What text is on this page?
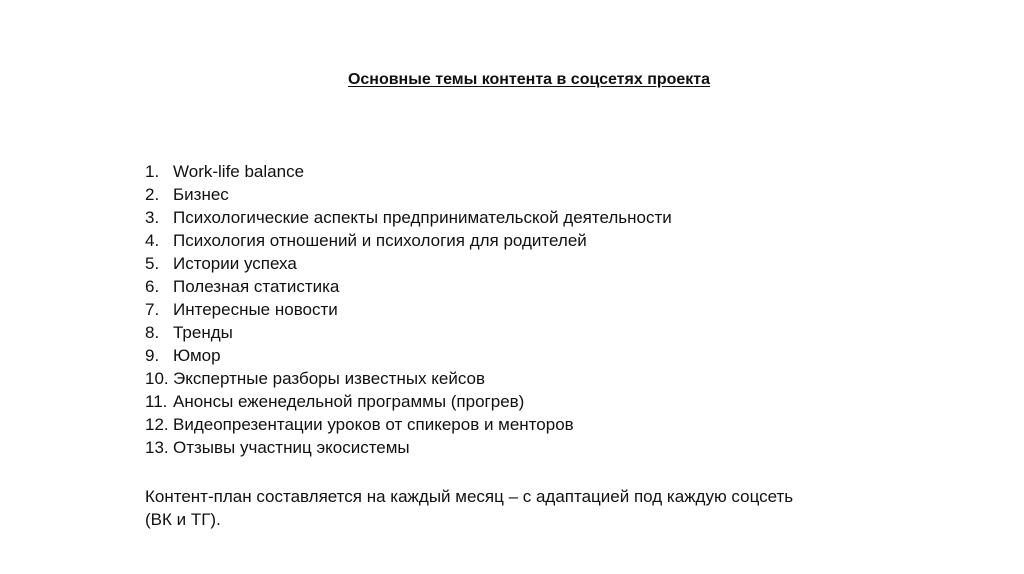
Основные темы контента в соцсетях проекта
1. Work-life balance
2. Бизнес
3. Психологические аспекты предпринимательской деятельности
4. Психология отношений и психология для родителей
5. Истории успеха
6. Полезная статистика
7. Интересные новости
8. Тренды
9. Юмор
10. Экспертные разборы известных кейсов
11. Анонсы еженедельной программы (прогрев)
12. Видеопрезентации уроков от спикеров и менторов
13. Отзывы участниц экосистемы

Контент-план составляется на каждый месяц – с адаптацией под каждую соцсеть
(ВК и ТГ).
